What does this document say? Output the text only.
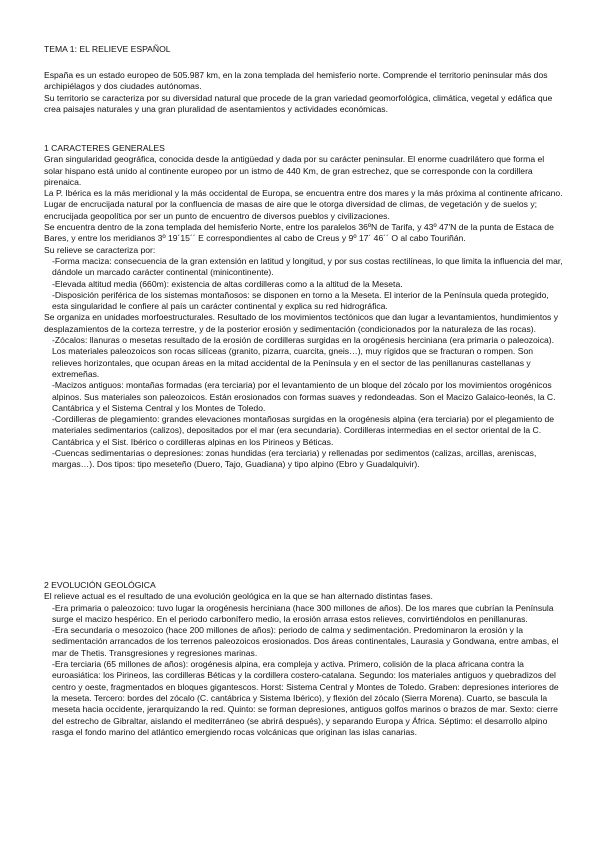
TEMA 1: EL RELIEVE ESPAÑOL

España es un estado europeo de 505.987 km, en la zona templada del hemisferio norte. Comprende el territorio peninsular más dos archipiélagos y dos ciudades autónomas.

Su territorio se caracteriza por su diversidad natural que procede de la gran variedad geomorfológica, climática, vegetal y edáfica que crea paisajes naturales y una gran pluralidad de asentamientos y actividades económicas.

1 CARACTERES GENERALES

Gran singularidad geográfica, conocida desde la antigüedad y dada por su carácter peninsular. El enorme cuadrilátero que forma el solar hispano está unido al continente europeo por un istmo de 440 Km, de gran estrechez, que se corresponde con la cordillera pirenaica.

La P. Ibérica es la más meridional y la más occidental de Europa, se encuentra entre dos mares y la más próxima al continente africano. Lugar de encrucijada natural por la confluencia de masas de aire que le otorga diversidad de climas, de vegetación y de suelos y; encrucijada geopolítica por ser un punto de encuentro de diversos pueblos y civilizaciones.

Se encuentra dentro de la zona templada del hemisferio Norte, entre los paralelos 36ºN de Tarifa, y 43º 47'N de la punta de Estaca de Bares, y entre los meridianos 3º 19´15´´ E correspondientes al cabo de Creus y 9º 17´ 46´´ O al cabo Touriñán.

Su relieve se caracteriza por:

-Forma maciza: consecuencia de la gran extensión en latitud y longitud, y por sus costas rectilíneas, lo que limita la influencia del mar, dándole un marcado carácter continental (minicontinente).

-Elevada altitud media (660m): existencia de altas cordilleras como a la altitud de la Meseta.

-Disposición periférica de los sistemas montañosos: se disponen en torno a la Meseta. El interior de la Península queda protegido, esta singularidad le confiere al país un carácter continental y explica su red hidrográfica.

Se organiza en unidades morfoestructurales. Resultado de los movimientos tectónicos que dan lugar a levantamientos, hundimientos y desplazamientos de la corteza terrestre, y de la posterior erosión y sedimentación (condicionados por la naturaleza de las rocas).

-Zócalos: llanuras o mesetas resultado de la erosión de cordilleras surgidas en la orogénesis herciniana (era primaria o paleozoica). Los materiales paleozoicos son rocas silíceas (granito, pizarra, cuarcita, gneis…), muy rígidos que se fracturan o rompen. Son relieves horizontales, que ocupan áreas en la mitad accidental de la Península y en el sector de las penillanuras castellanas y extremeñas.

-Macizos antiguos: montañas formadas (era terciaria) por el levantamiento de un bloque del zócalo por los movimientos orogénicos alpinos. Sus materiales son paleozoicos. Están erosionados con formas suaves y redondeadas. Son el Macizo Galaico-leonés, la C. Cantábrica y el Sistema Central y los Montes de Toledo.

-Cordilleras de plegamiento: grandes elevaciones montañosas surgidas en la orogénesis alpina (era terciaria) por el plegamiento de materiales sedimentarios (calizos), depositados por el mar (era secundaria). Cordilleras intermedias en el sector oriental de la C. Cantábrica y el Sist. Ibérico o cordilleras alpinas en los Pirineos y Béticas.

-Cuencas sedimentarias o depresiones: zonas hundidas (era terciaria) y rellenadas por sedimentos (calizas, arcillas, areniscas, margas…). Dos tipos: tipo meseteño (Duero, Tajo, Guadiana) y tipo alpino (Ebro y Guadalquivir).

2 EVOLUCIÓN GEOLÓGICA

El relieve actual es el resultado de una evolución geológica en la que se han alternado distintas fases.

-Era primaria o paleozoico: tuvo lugar la orogénesis herciniana (hace 300 millones de años). De los mares que cubrían la Península surge el macizo hespérico. En el periodo carbonífero medio, la erosión arrasa estos relieves, convirtiéndolos en penillanuras.

-Era secundaria o mesozoico (hace 200 millones de años): periodo de calma y sedimentación. Predominaron la erosión y la sedimentación arrancados de los terrenos paleozoicos erosionados. Dos áreas continentales, Laurasia y Gondwana, entre ambas, el mar de Thetis. Transgresiones y regresiones marinas.

-Era terciaria (65 millones de años): orogénesis alpina, era compleja y activa. Primero, colisión de la placa africana contra la euroasiática: los Pirineos, las cordilleras Béticas y la cordillera costero-catalana. Segundo: los materiales antiguos y quebradizos del centro y oeste, fragmentados en bloques gigantescos. Horst: Sistema Central y Montes de Toledo. Graben: depresiones interiores de la meseta. Tercero: bordes del zócalo (C. cantábrica y Sistema Ibérico), y flexión del zócalo (Sierra Morena). Cuarto, se bascula la meseta hacia occidente, jerarquizando la red. Quinto: se forman depresiones, antiguos golfos marinos o brazos de mar. Sexto: cierre del estrecho de Gibraltar, aislando el mediterráneo (se abrirá después), y separando Europa y África. Séptimo: el desarrollo alpino rasga el fondo marino del atlántico emergiendo rocas volcánicas que originan las islas canarias.
